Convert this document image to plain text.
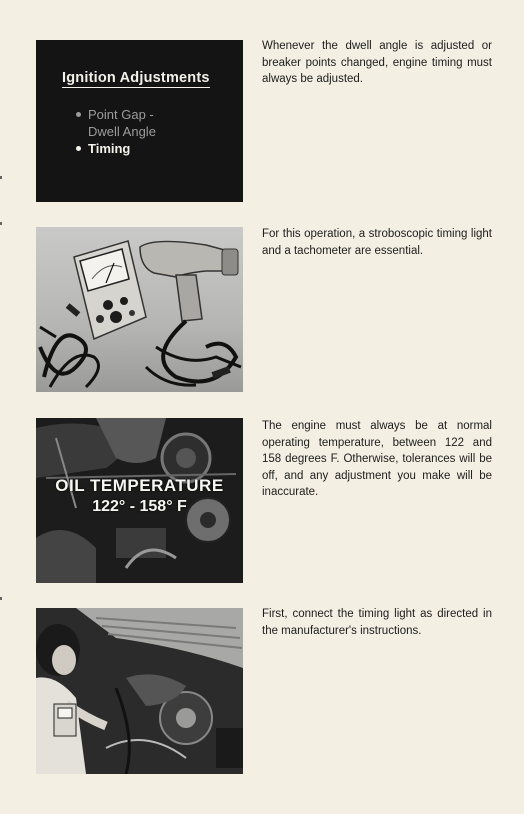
Ignition Adjustments
Point Gap -
Dwell Angle
Timing
Whenever the dwell angle is adjusted or breaker points changed, engine timing must always be adjusted.
For this operation, a stroboscopic timing light and a tachometer are essential.
OIL TEMPERATURE
122° - 158° F
The engine must always be at normal operating temperature, between 122 and 158 degrees F. Otherwise, tolerances will be off, and any adjustment you make will be inaccurate.
First, connect the timing light as directed in the manufacturer's instructions.
